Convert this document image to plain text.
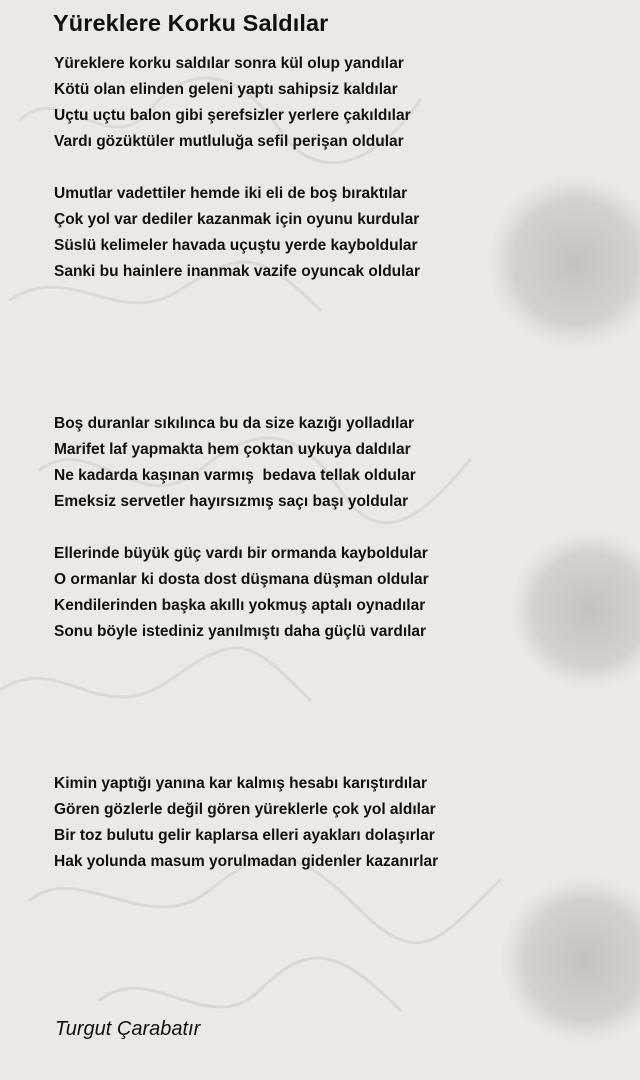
Yüreklere Korku Saldılar
Yüreklere korku saldılar sonra kül olup yandılar
Kötü olan elinden geleni yaptı sahipsiz kaldılar
Uçtu uçtu balon gibi şerefsizler yerlere çakıldılar
Vardı gözüktüler mutluluğa sefil perişan oldular
Umutlar vadettiler hemde iki eli de boş bıraktılar
Çok yol var dediler kazanmak için oyunu kurdular
Süslü kelimeler havada uçuştu yerde kayboldular
Sanki bu hainlere inanmak vazife oyuncak oldular
Boş duranlar sıkılınca bu da size kazığı yolladılar
Marifet laf yapmakta hem çoktan uykuya daldılar
Ne kadarda kaşınan varmış  bedava tellak oldular
Emeksiz servetler hayırsızmış saçı başı yoldular
Ellerinde büyük güç vardı bir ormanda kayboldular
O ormanlar ki dosta dost düşmana düşman oldular
Kendilerinden başka akıllı yokmuş aptalı oynadılar
Sonu böyle istediniz yanılmıştı daha güçlü vardılar
Kimin yaptığı yanına kar kalmış hesabı karıştırdılar
Gören gözlerle değil gören yüreklerle çok yol aldılar
Bir toz bulutu gelir kaplarsa elleri ayakları dolaşırlar
Hak yolunda masum yorulmadan gidenler kazanırlar
Turgut Çarabatır
